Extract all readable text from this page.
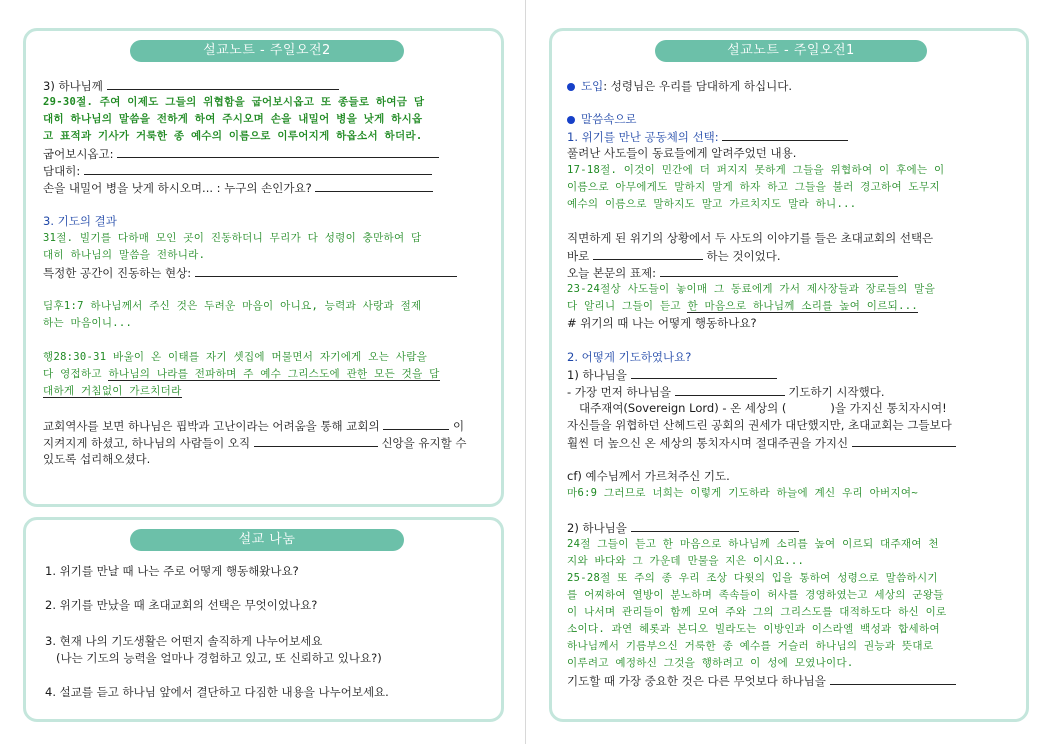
설교노트 - 주일오전2
3) 하나님께
29-30절. 주여 이제도 그들의 위협함을 굽어보시옵고 또 종들로 하여금 담
대히 하나님의 말씀을 전하게 하여 주시오며 손을 내밀어 병을 낫게 하시옵
고 표적과 기사가 거룩한 종 예수의 이름으로 이루어지게 하옵소서 하더라.
굽어보시옵고:
담대히:
손을 내밀어 병을 낫게 하시오며... : 누구의 손인가요?
3. 기도의 결과
31절. 빌기를 다하매 모인 곳이 진동하더니 무리가 다 성령이 충만하여 담
대히 하나님의 말씀을 전하니라.
특정한 공간이 진동하는 현상:
딤후1:7 하나님께서 주신 것은 두려운 마음이 아니요, 능력과 사랑과 절제
하는 마음이니...
행28:30-31 바울이 온 이태를 자기 셋집에 머물면서 자기에게 오는 사람을
다 영접하고 하나님의 나라를 전파하며 주 예수 그리스도에 관한 모든 것을 담
대하게 거침없이 가르치더라
교회역사를 보면 하나님은 핍박과 고난이라는 어려움을 통해 교회의	이
지켜지게 하셨고, 하나님의 사람들이 오직	신앙을 유지할 수
있도록 섭리해오셨다.
설교 나눔
1. 위기를 만날 때 나는 주로 어떻게 행동해왔나요?
2. 위기를 만났을 때 초대교회의 선택은 무엇이었나요?
3. 현재 나의 기도생활은 어떤지 솔직하게 나누어보세요
(나는 기도의 능력을 얼마나 경험하고 있고, 또 신뢰하고 있나요?)
4. 설교를 듣고 하나님 앞에서 결단하고 다짐한 내용을 나누어보세요.
설교노트 - 주일오전1
도입: 성령님은 우리를 담대하게 하십니다.
말씀속으로
1. 위기를 만난 공동체의 선택:
풀려난 사도들이 동료들에게 알려주었던 내용.
17-18절. 이것이 민간에 더 퍼지지 못하게 그들을 위협하여 이 후에는 이
이름으로 아무에게도 말하지 말게 하자 하고 그들을 불러 경고하여 도무지
예수의 이름으로 말하지도 말고 가르치지도 말라 하니...
직면하게 된 위기의 상황에서 두 사도의 이야기를 들은 초대교회의 선택은
바로	하는 것이었다.
오늘 본문의 표제:
23-24절상 사도들이 놓이매 그 동료에게 가서 제사장들과 장로들의 말을
다 알리니 그들이 듣고 한 마음으로 하나님께 소리를 높여 이르되...
# 위기의 때 나는 어떻게 행동하나요?
2. 어떻게 기도하였나요?
1) 하나님을
- 가장 먼저 하나님을	기도하기 시작했다.
대주재여(Sovereign Lord) - 온 세상의 (	)을 가지신 통치자시여!
자신들을 위협하던 산헤드린 공회의 권세가 대단했지만, 초대교회는 그들보다
훨씬 더 높으신 온 세상의 통치자시며 절대주권을 가지신
cf) 예수님께서 가르쳐주신 기도.
마6:9 그러므로 너희는 이렇게 기도하라 하늘에 계신 우리 아버지여~
2) 하나님을
24절 그들이 듣고 한 마음으로 하나님께 소리를 높여 이르되 대주재여 천
지와 바다와 그 가운데 만물을 지은 이시요...
25-28절 또 주의 종 우리 조상 다윗의 입을 통하여 성령으로 말씀하시기
를 어찌하여 열방이 분노하며 족속들이 허사를 경영하였는고 세상의 군왕들
이 나서며 관리들이 함께 모여 주와 그의 그리스도를 대적하도다 하신 이로
소이다. 과연 헤롯과 본디오 빌라도는 이방인과 이스라엘 백성과 합세하여
하나님께서 기름부으신 거룩한 종 예수를 거슬러 하나님의 권능과 뜻대로
이루려고 예정하신 그것을 행하려고 이 성에 모였나이다.
기도할 때 가장 중요한 것은 다른 무엇보다 하나님을
